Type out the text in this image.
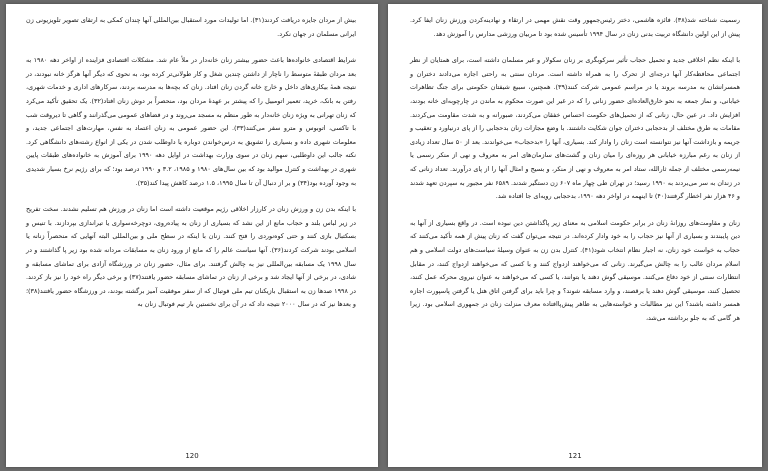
بیش از مردان جایزه دریافت کردند(۳۱). اما تولیدات مورد استقبال بین‌المللی آنها چندان کمکی به ارتقای تصویر تلویزیونی زن ایرانی مسلمان در جهان نکرد.

شرایط اقتصادی خانواده‌ها باعث حضور بیشتر زنان خانه‌دار در ملأ عام شد. مشکلات اقتصادی فزاینده از اواخر دهه ۱۹۸۰ به بعد مردان طبقهٔ متوسط را ناچار از داشتن چندین شغل و کار طولانی‌تر کرده بود، به نحوی که دیگر آنها هرگز خانه نبودند، در نتیجه همهٔ بیکاری‌های داخل و خارج خانه گردن زنان افتاد. زنان که بچه‌ها به مدرسه بردند، سرکارهای اداری و خدمات شهری، رفتن به بانک، خرید، تعمیر اتومبیل را که پیشتر بر عهدهٔ مردان بود، منحصراً بر دوش زنان افتاد(۳۲). یک تحقیق تأکید می‌کرد که زنان تهرانی به ویژه زنان خانه‌دار به طور منظم به مسجد می‌روند و در فضاهای عمومی می‌گذرانند و گاهی تا دیروقت شب با تاکسی، اتوبوس و مترو سفر می‌کنند(۳۳). این حضور عمومی به زنان اعتماد به نفس، مهارت‌های اجتماعی جدید، و معلومات شهری داده و بسیاری را تشویق به درس‌خواندن دوباره یا داوطلب شدن در یکی از انواع رشته‌های دانشگاهی کرد. نکته جالب این داوطلبی، سهم زنان در سوی وزارت بهداشت در اوایل دهه ۱۹۹۰ برای آموزش به خانواده‌های طبقات پایین شهری در بهداشت و کنترل موالید بود که بین سال‌های ۱۹۸۰ و ۱۹۸۵، ۳.۲ و ۱۹۹۰ درصد بود؛ که برای رژیم نرخ بسیار شدیدی به وجود آورده بود(۳۴) و بر از دنبال آن تا سال ۱۹۹۵، ۱.۵ درصد کاهش پیدا کند(۳۵).

با اینکه بدن زن و ورزش زنان در کارزار اخلاقی رژیم موقعیت داشته است اما زنان در ورزش هم تسلیم نشدند. سخت تفریح در زیر لباس بلند و حجاب مانع از این نشد که بسیاری از زنان به پیاده‌روی، دوچرخه‌سواری یا تیراندازی بپردازند. با تنیس و بسکتبال بازی کنند و حتی کوه‌نوردی را فتح کنند. زنان با اینکه در سطح ملی و بین‌المللی البته آنهایی که منحصراً زنانه یا اسلامی بودند شرکت کردند(۳۶). آنها سیاست عالم را که مانع از ورود زنان به مسابقات مردانه شده بود زیر پا گذاشتند و در سال ۱۹۹۸ یک مسابقه بین‌المللی نیز به چالش گرفتند. برای مثال، حضور زنان در ورزشگاه آزادی برای تماشای مسابقه و شادی، در برخی از آنها ایجاد شد و برخی از زنان در تماشای مسابقه حضور یافتند(۳۷) و برخی دیگر راه خود را نیز باز کردند. در ۱۹۹۸ صدها زن به استقبال بازیکنان تیم ملی فوتبال که از سفر موفقیت آمیز برگشته بودند، در ورزشگاه حضور یافتند(۳۸)؛ و بعدها نیز که در سال ۲۰۰۰ نتیجه داد که در آن برای نخستین بار تیم فوتبال زنان به

120

رسمیت شناخته شد(۳۸). فائزه هاشمی، دختر رئیس‌جمهور وقت نقش مهمی در ارتقاء و نهادینه‌کردن ورزش زنان ایفا کرد. پیش از این اولین دانشگاه تربیت بدنی زنان در سال ۱۹۹۴ تأسیس شده بود تا مربیان ورزشی مدارس را آموزش دهد.

با اینکه نظم اخلاقی جدید و تحمیل حجاب تأثیر سرکوبگری بر زنان سکولار و غیر مسلمان داشته است، برای همتایان از نظر اجتماعی محافظه‌کار آنها درجه‌ای از تحرک را به همراه داشته است. مردان سنتی به راحتی اجازه می‌دادند دختران و همسرانشان به مدرسه بروند یا در مراسم عمومی شرکت کنند(۳۹). همچنین، سبیع شیفتان حکومتی برای جنگ تظاهرات خیابانی، و نماز جمعه به نحو خارق‌العاده‌ای حضور زنانی را که در غیر این صورت محکوم به ماندن در چارچوبه‌ای خانه بودند، افزایش داد. در عین حال، زنانی که از تحمیل‌های حکومت احساس خفقان می‌کردند، صبورانه و به شدت مقاومت می‌کردند. مقامات به طرق مختلف از بدحجابی دختران جوان شکایت داشتند. با وضع مجازات زنان بدحجابی را از پای درنیاورد و تعقیب و جریمه و بازداشت آنها نیز نتوانسته است زنان را وادار کند. بسیاری، آنها را «بدحجاب» می‌خواندند. بعد از ۵۰ سال تعداد زیادی از زنان به رغم مبارزه خیابانی هر روزه‌ای را میان زنان و گشت‌های سازمان‌های امر به معروف و نهی از منکر رسمی یا نیمه‌رسمی مختلف از جمله ثارالله، ستاد امر به معروف و نهی از منکر، و بسیج و امثال آنها را از پای درآورند. تعداد زنانی که در زندان به سر می‌بردند به ۱۹۹۰ رسید؛ در تهران طی چهار ماه ۶۰۷ زن دستگیر شدند. ۶۵۸۹ نفر مجبور به سپردن تعهد شدند و ۴۶ هزار نفر اخطار گرفتند(۴۰) تا اینهمه در اواخر دهه ۱۹۹۰، بدحجابی رویه‌ای جا افتاده شد.

زنان و مقاومت‌های روزانهٔ زنان در برابر حکومت اسلامی به معنای زیر پاگذاشتن دین نبوده است. در واقع بسیاری از آنها به دین پایبندند و بسیاری از آنها نیز حجاب را به خود وادار کرده‌اند. در نتیجه می‌توان گفت که زنان پیش از همه تأکید می‌کنند که حجاب به خواست خود زنان، نه اجبار نظام انتخاب شود(۴۱). کنترل بدن زن به عنوان وسیلهٔ سیاست‌های دولت اسلامی و هم اسلام مردان غالب را به چالش می‌گیرند. زنانی که می‌خواهند ازدواج کنند و با کسی که می‌خواهند ازدواج کنند، در مقابل انتظارات سنتی از خود دفاع می‌کنند. موسیقی گوش دهند یا بتوانند، یا کسی که می‌خواهند به عنوان نیروی محرکه عمل کنند، تحصیل کنند، موسیقی گوش دهند یا برقصند، و وارد مسابقه شوند؟ و چرا باید برای گرفتن اتاق هتل یا گرفتن پاسپورت اجازه همسر داشته باشند؟ این نیز مطالبات و خواسته‌هایی به ظاهر پیش‌پاافتاده معرف منزلت زنان در جمهوری اسلامی بود. زیرا هر گامی که به جلو برداشته می‌شد،

121
